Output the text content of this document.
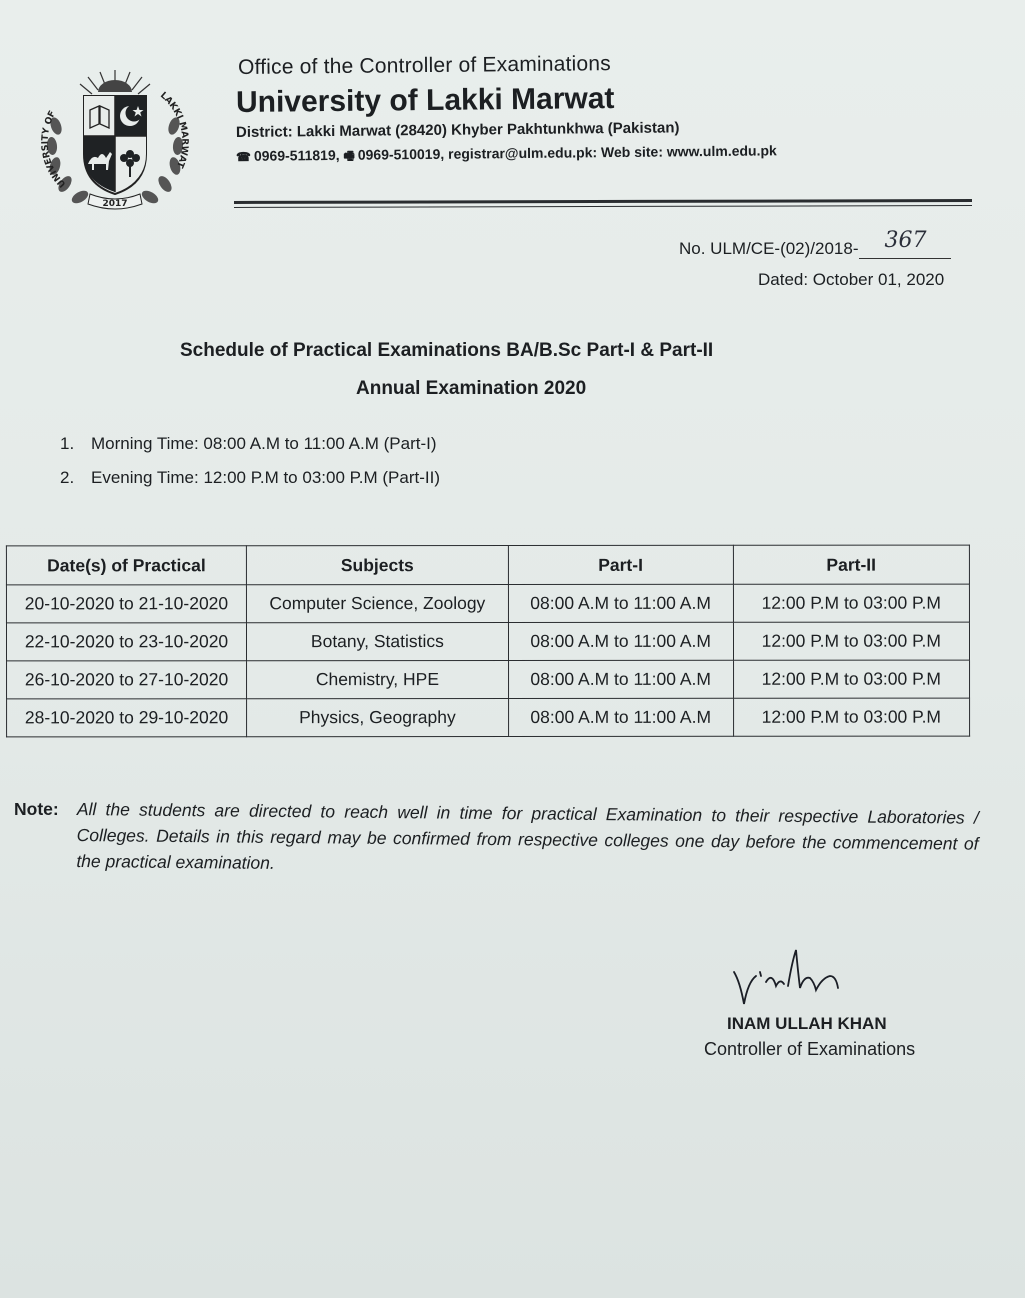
UNIVERSITY OF
LAKKI MARWAT
2017
Office of the Controller of Examinations
University of Lakki Marwat
District: Lakki Marwat (28420) Khyber Pakhtunkhwa (Pakistan)
☎ 0969-511819, 🖷 0969-510019, registrar@ulm.edu.pk: Web site: www.ulm.edu.pk
No. ULM/CE-(02)/2018- 367
Dated: October 01, 2020
Schedule of Practical Examinations BA/B.Sc Part-I & Part-II
Annual Examination 2020
1. Morning Time: 08:00 A.M to 11:00 A.M (Part-I)
2. Evening Time: 12:00 P.M to 03:00 P.M (Part-II)
Date(s) of Practical	Subjects	Part-I	Part-II
20-10-2020 to 21-10-2020	Computer Science, Zoology	08:00 A.M to 11:00 A.M	12:00 P.M to 03:00 P.M
22-10-2020 to 23-10-2020	Botany, Statistics	08:00 A.M to 11:00 A.M	12:00 P.M to 03:00 P.M
26-10-2020 to 27-10-2020	Chemistry, HPE	08:00 A.M to 11:00 A.M	12:00 P.M to 03:00 P.M
28-10-2020 to 29-10-2020	Physics, Geography	08:00 A.M to 11:00 A.M	12:00 P.M to 03:00 P.M
Note: All the students are directed to reach well in time for practical Examination to their respective Laboratories / Colleges. Details in this regard may be confirmed from respective colleges one day before the commencement of the practical examination.
INAM ULLAH KHAN
Controller of Examinations
